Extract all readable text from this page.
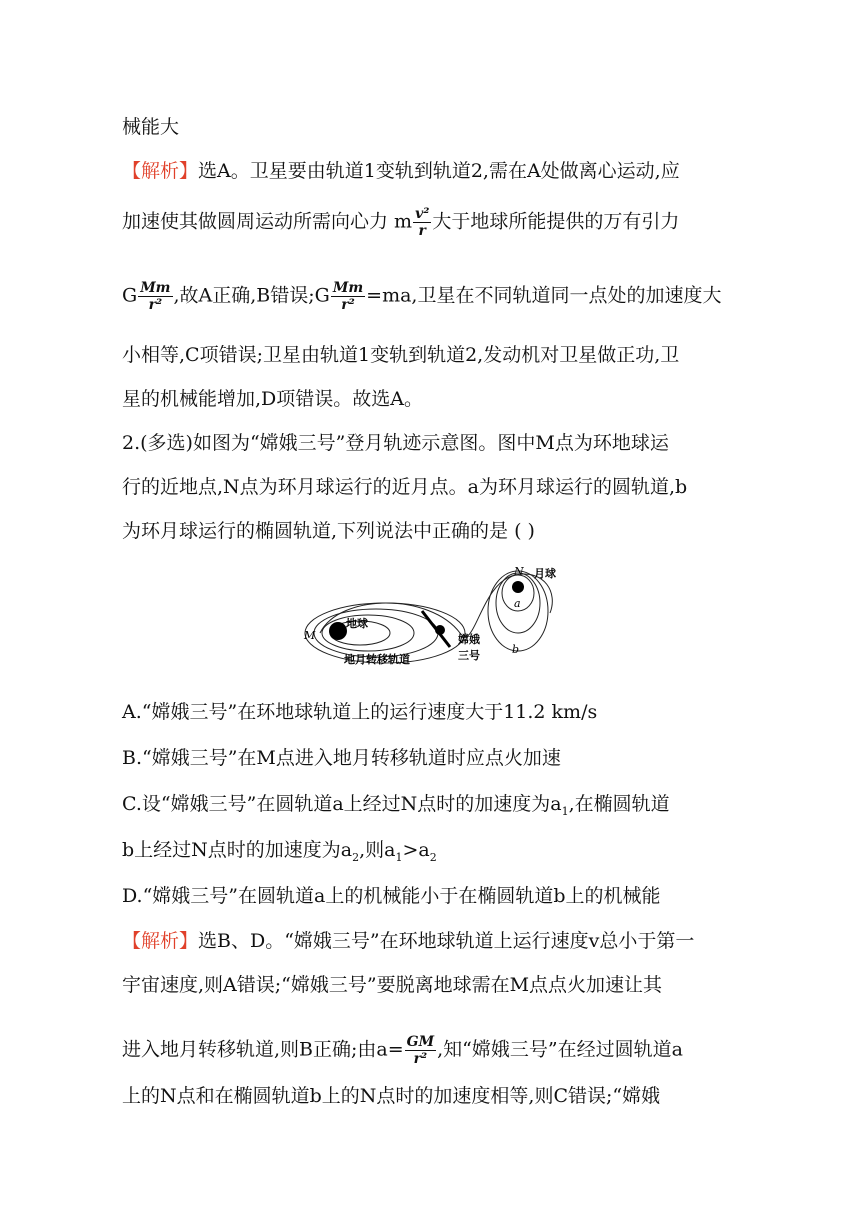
械能大
【解析】选A。卫星要由轨道1变轨到轨道2,需在A处做离心运动,应
加速使其做圆周运动所需向心力 m $\frac{\text{v²}}{r}$ 大于地球所能提供的万有引力
G $\frac{Mm}{\text{r²}}$ ,故A正确,B错误;G $\frac{Mm}{\text{r²}} =ma$,卫星在不同轨道同一点处的加速度大
小相等,C项错误;卫星由轨道1变轨到轨道2,发动机对卫星做正功,卫
星的机械能增加,D项错误。故选A。
2.(多选)如图为“嫦娥三号”登月轨迹示意图。图中M点为环地球运
行的近地点,N点为环月球运行的近月点。a为环月球运行的圆轨道,b
为环月球运行的椭圆轨道,下列说法中正确的是 ( )
地球
月球
地月转移轨道
嫦娥
三号
M
N
a
b
A.“嫦娥三号”在环地球轨道上的运行速度大于11.2 km/s
B.“嫦娥三号”在M点进入地月转移轨道时应点火加速
C.设“嫦娥三号”在圆轨道a上经过N点时的加速度为$a_1$,在椭圆轨道
b上经过N点时的加速度为$a_2$,则$a_1>a_2$
D.“嫦娥三号”在圆轨道a上的机械能小于在椭圆轨道b上的机械能
【解析】选B、D。“嫦娥三号”在环地球轨道上运行速度v总小于第一
宇宙速度,则A错误;“嫦娥三号”要脱离地球需在M点点火加速让其
进入地月转移轨道,则B正确;由$a= \frac{GM}{\text{r²}}$ ,知“嫦娥三号”在经过圆轨道a
上的N点和在椭圆轨道b上的N点时的加速度相等,则C错误;“嫦娥
